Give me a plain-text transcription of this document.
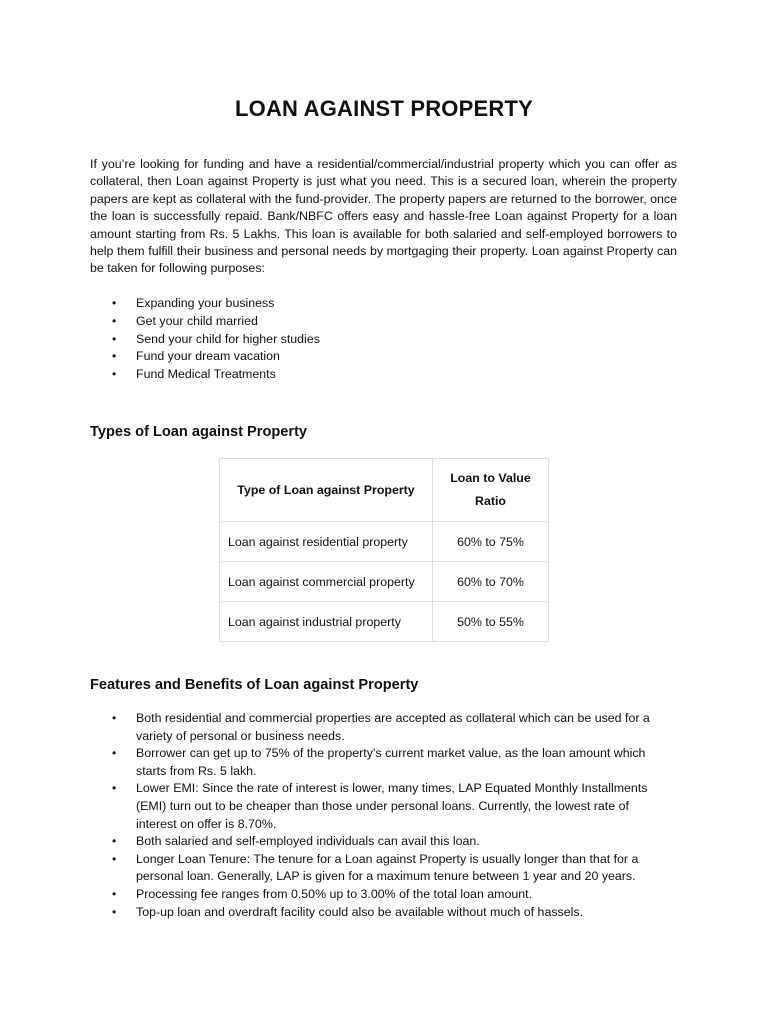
LOAN AGAINST PROPERTY

If you’re looking for funding and have a residential/commercial/industrial property which you can offer as collateral, then Loan against Property is just what you need. This is a secured loan, wherein the property papers are kept as collateral with the fund-provider. The property papers are returned to the borrower, once the loan is successfully repaid. Bank/NBFC offers easy and hassle-free Loan against Property for a loan amount starting from Rs. 5 Lakhs. This loan is available for both salaried and self-employed borrowers to help them fulfill their business and personal needs by mortgaging their property. Loan against Property can be taken for following purposes:

• Expanding your business
• Get your child married
• Send your child for higher studies
• Fund your dream vacation
• Fund Medical Treatments
Types of Loan against Property
Type of Loan against Property	Loan to Value Ratio
Loan against residential property	60% to 75%
Loan against commercial property	60% to 70%
Loan against industrial property	50% to 55%
Features and Benefits of Loan against Property
• Both residential and commercial properties are accepted as collateral which can be used for a variety of personal or business needs.
• Borrower can get up to 75% of the property’s current market value, as the loan amount which starts from Rs. 5 lakh.
• Lower EMI: Since the rate of interest is lower, many times, LAP Equated Monthly Installments (EMI) turn out to be cheaper than those under personal loans. Currently, the lowest rate of interest on offer is 8.70%.
• Both salaried and self-employed individuals can avail this loan.
• Longer Loan Tenure: The tenure for a Loan against Property is usually longer than that for a personal loan. Generally, LAP is given for a maximum tenure between 1 year and 20 years.
• Processing fee ranges from 0.50% up to 3.00% of the total loan amount.
• Top-up loan and overdraft facility could also be available without much of hassels.
